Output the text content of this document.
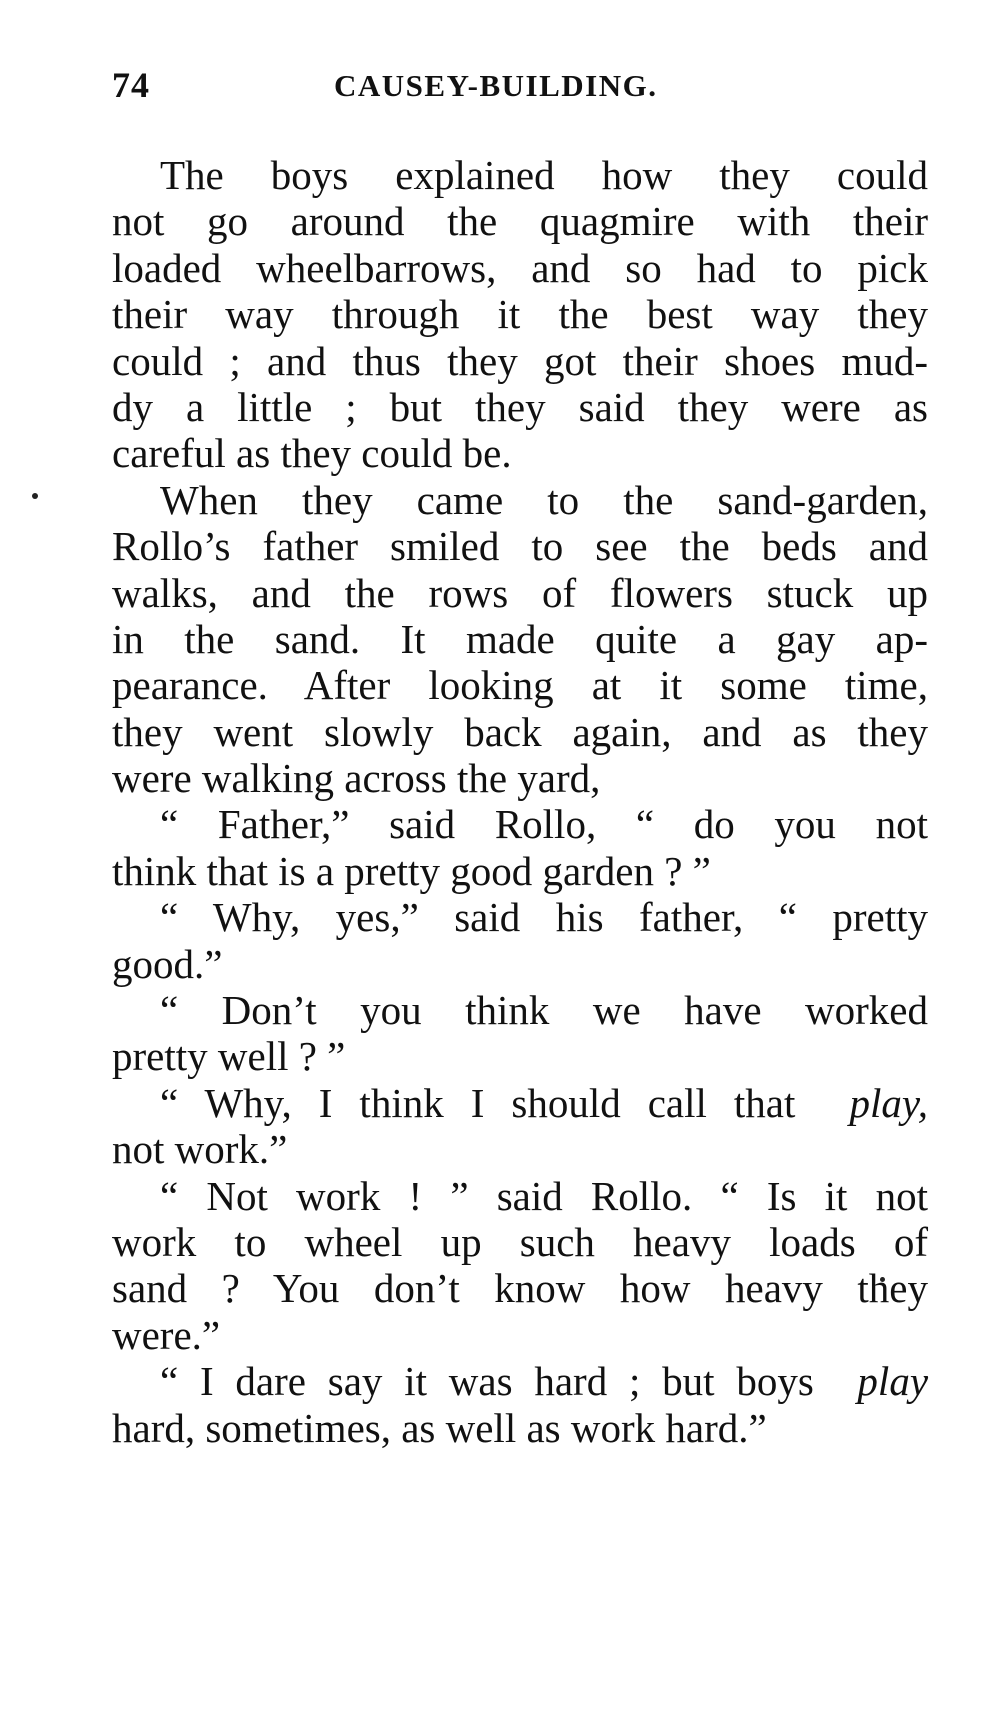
74	CAUSEY-BUILDING.
The boys explained how they could
not go around the quagmire with their
loaded wheelbarrows, and so had to pick
their way through it the best way they
could ; and thus they got their shoes mud-
dy a little ; but they said they were as
careful as they could be.
When they came to the sand-garden,
Rollo’s father smiled to see the beds and
walks, and the rows of flowers stuck up
in the sand. It made quite a gay ap-
pearance. After looking at it some time,
they went slowly back again, and as they
were walking across the yard,
“ Father,” said Rollo, “ do you not
think that is a pretty good garden ? ”
“ Why, yes,” said his father, “ pretty
good.”
“ Don’t you think we have worked
pretty well ? ”
“ Why, I think I should call that play,
not work.”
“ Not work ! ” said Rollo. “ Is it not
work to wheel up such heavy loads of
sand ? You don’t know how heavy they
were.”
“ I dare say it was hard ; but boys play
hard, sometimes, as well as work hard.”
